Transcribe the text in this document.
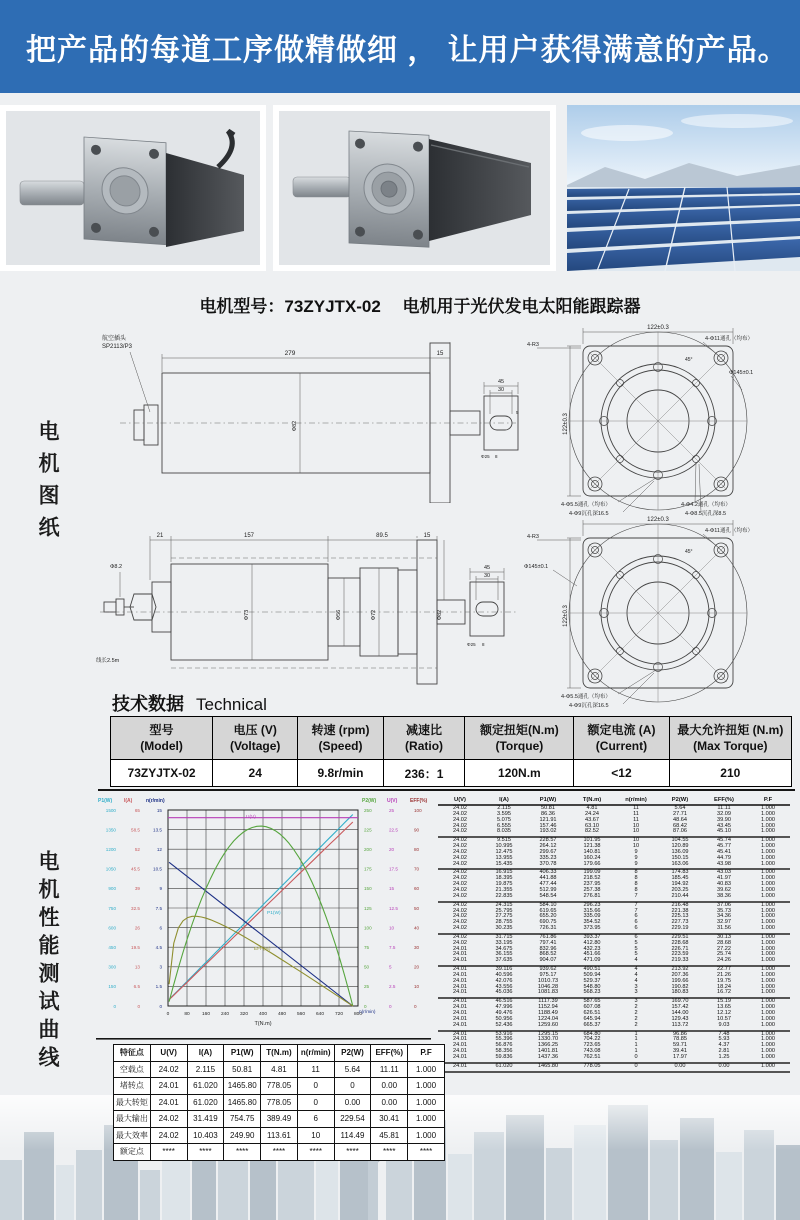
把产品的每道工序做精做细 ， 让用户获得满意的产品。
电机型号：73ZYJTX-02　 电机用于光伏发电太阳能跟踪器
电机图纸
电机性能测试曲线
航空插头
SP2113/P3
279	15
45
30
5
Φ82
Φ25 8
122±0.3
122±0.3
4-R3
45°
4-Φ11通孔（均布）
Φ145±0.1
4-Φ5.5通孔（均布）
4-Φ9沉孔深16.5
4-Φ4.2通孔（均布）
4-Φ8.5沉孔深8.5
21	157	89.5	15
Φ8.2
线长2.5m
Φ73	Φ56	Φ72	Φ82
45
30
Φ25 8
122±0.3
122±0.3
4-R3
45°
4-Φ11通孔（均布）
Φ145±0.1
4-Φ5.5通孔（均布）
4-Φ9沉孔深16.5
技术数据 Technical
型号
(Model)

电压 (V)
(Voltage)

转速 (rpm)
(Speed)

减速比
(Ratio)

额定扭矩(N.m)
(Torque)

额定电流 (A)
(Current)

最大允许扭矩 (N.m)
(Max Torque)

73ZYJTX-02	24	9.8r/min	236：1	120N.m	<12	210
P1(W)
0
150
300
450
600
750
900
1050
1200
1350
1500
I(A)
0
6.5
13
19.5
26
32.5
39
45.5
52
58.5
65
n(r/min)
0
1.5
3
4.5
6
7.5
9
10.5
12
13.5
15
P2(W)
0
25
50
75
100
125
150
175
200
225
250
U(V)
0
2.5
5
7.5
10
12.5
15
17.5
20
22.5
25
EFF(%)
0
10
20
30
40
50
60
70
80
90
100
0	80	160 240 320 400 480 560 640 720 800
T(N.m)
U(V)
P1(W)
EFF(%)
n(r/min)
U(V)	I(A)	P1(W)	T(N.m)	n(r/min)	P2(W)	EFF(%)	P.F
24.02	2.115	50.81	4.81	11	5.64	11.11	1.000
24.02	3.595	86.36	24.24	11	27.71	32.09	1.000
24.02	5.075	121.91	43.67	11	48.64	39.90	1.000
24.02	6.555	157.46	63.10	10	68.42	43.45	1.000
24.02	8.035	193.02	82.52	10	87.06	45.10	1.000
24.02	9.515	228.57	101.95	10	104.55	45.74	1.000
24.02	10.995	264.12	121.38	10	120.89	45.77	1.000
24.02	12.475	299.67	140.81	9	136.09	45.41	1.000
24.02	13.955	335.23	160.24	9	150.15	44.79	1.000
24.02	15.435	370.78	179.66	9	163.06	43.98	1.000
24.02	16.915	406.33	199.09	8	174.83	43.03	1.000
24.02	18.395	441.88	218.52	8	185.45	41.97	1.000
24.02	19.875	477.44	237.95	8	194.92	40.83	1.000
24.02	21.355	512.99	257.38	8	203.25	39.62	1.000
24.02	22.835	548.54	276.81	7	210.44	38.36	1.000
24.02	24.315	584.10	296.23	7	216.48	37.06	1.000
24.02	25.795	619.65	315.66	7	221.38	35.73	1.000
24.02	27.275	655.20	335.09	6	225.13	34.36	1.000
24.02	28.755	690.75	354.52	6	227.73	32.97	1.000
24.02	30.235	726.31	373.95	6	229.19	31.56	1.000
24.02	31.715	761.86	393.37	6	229.51	30.13	1.000
24.02	33.195	797.41	412.80	5	228.68	28.68	1.000
24.01	34.675	832.96	432.23	5	226.71	27.22	1.000
24.01	36.155	868.52	451.66	5	223.59	25.74	1.000
24.01	37.635	904.07	471.09	4	219.33	24.26	1.000
24.01	39.116	939.62	490.51	4	213.92	22.77	1.000
24.01	40.596	975.17	509.94	4	207.36	21.26	1.000
24.01	42.076	1010.73	529.37	4	199.66	19.75	1.000
24.01	43.556	1046.28	548.80	3	190.82	18.24	1.000
24.01	45.036	1081.83	568.23	3	180.83	16.72	1.000
24.01	46.516	1117.39	587.65	3	169.70	15.19	1.000
24.01	47.996	1152.94	607.08	2	157.42	13.65	1.000
24.01	49.476	1188.49	626.51	2	144.00	12.12	1.000
24.01	50.956	1224.04	645.94	2	129.43	10.57	1.000
24.01	52.436	1259.60	665.37	2	113.72	9.03	1.000
24.01	53.916	1295.15	684.80	1	96.86	7.48	1.000
24.01	55.396	1330.70	704.22	1	78.85	5.93	1.000
24.01	56.876	1366.25	723.65	1	59.71	4.37	1.000
24.01	58.356	1401.81	743.08	1	39.41	2.81	1.000
24.01	59.836	1437.36	762.51	0	17.97	1.25	1.000
24.01	61.020	1465.80	778.05	0	0.00	0.00	1.000
特征点	U(V)	I(A)	P1(W)	T(N.m)	n(r/min)	P2(W)	EFF(%)	P.F
空载点	24.02	2.115	50.81	4.81	11	5.64	11.11	1.000
堵转点	24.01	61.020	1465.80	778.05	0	0	0.00	1.000
最大转矩	24.01	61.020	1465.80	778.05	0	0.00	0.00	1.000
最大输出	24.02	31.419	754.75	389.49	6	229.54	30.41	1.000
最大效率	24.02	10.403	249.90	113.61	10	114.49	45.81	1.000
额定点	****	****	****	****	****	****	****	****
